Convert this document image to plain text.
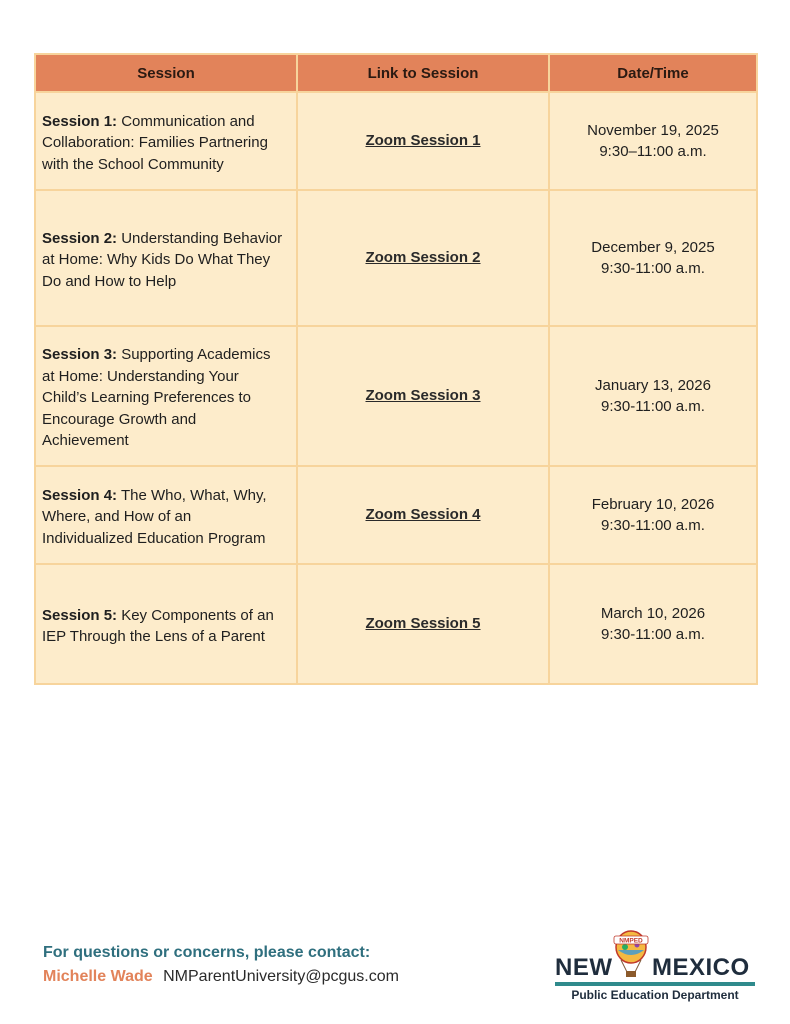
Session	Link to Session	Date/Time
Session 1: Communication and Collaboration: Families Partnering with the School Community	Zoom Session 1	November 19, 2025
9:30–11:00 a.m.

Session 2: Understanding Behavior at Home: Why Kids Do What They Do and How to Help	Zoom Session 2	December 9, 2025
9:30-11:00 a.m.

Session 3: Supporting Academics at Home: Understanding Your Child’s Learning Preferences to Encourage Growth and Achievement	Zoom Session 3	January 13, 2026
9:30-11:00 a.m.

Session 4: The Who, What, Why, Where, and How of an Individualized Education Program	Zoom Session 4	February 10, 2026
9:30-11:00 a.m.

Session 5: Key Components of an IEP Through the Lens of a Parent	Zoom Session 5	March 10, 2026
9:30-11:00 a.m.
For questions or concerns, please contact:
Michelle Wade NMParentUniversity@pcgus.com
NMPED
NEW MEXICO
Public Education Department
